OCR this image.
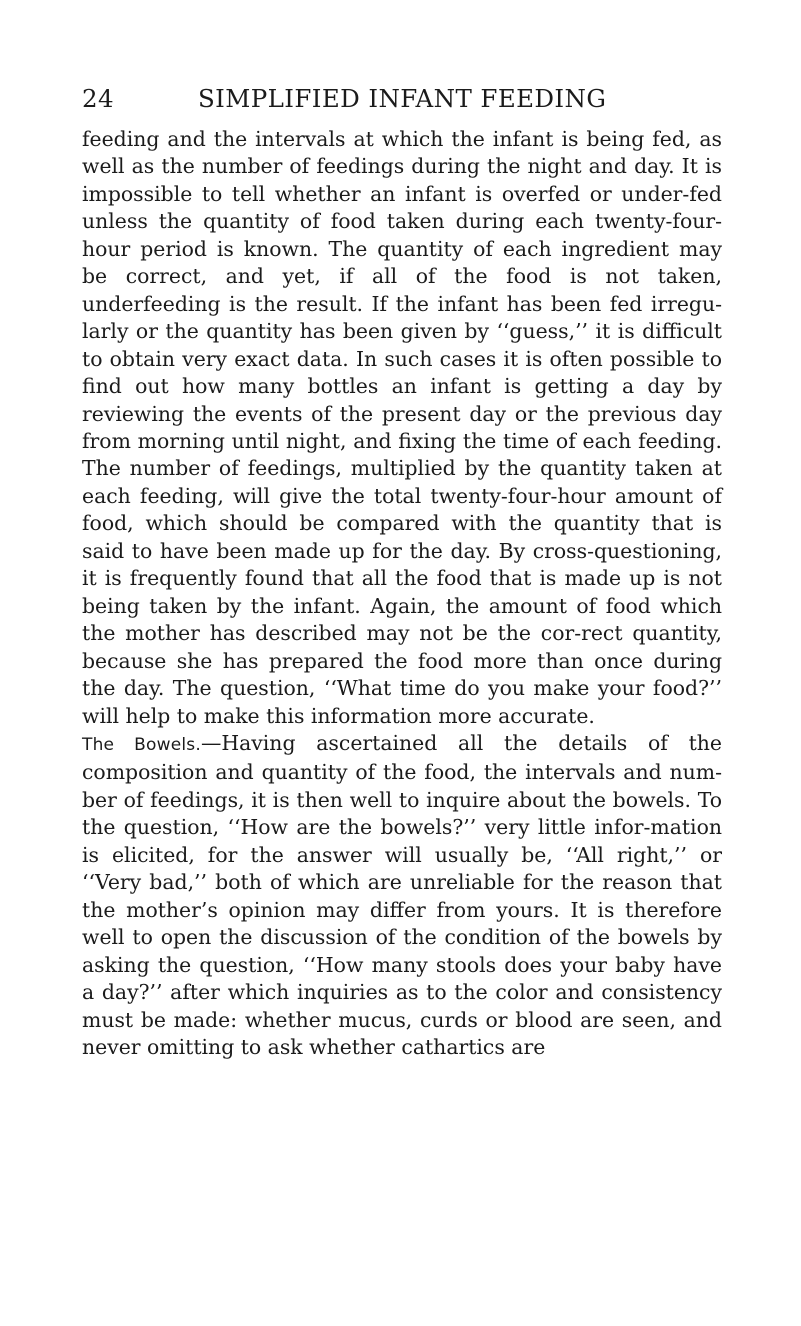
24	SIMPLIFIED INFANT FEEDING

feeding and the intervals at which the infant is being fed, as well as the number of feedings during the night and day. It is impossible to tell whether an infant is overfed or under-fed unless the quantity of food taken during each twenty-four-hour period is known. The quantity of each ingredient may be correct, and yet, if all of the food is not taken, underfeeding is the result. If the infant has been fed irregu-larly or the quantity has been given by ‘‘guess,’’ it is difficult to obtain very exact data. In such cases it is often possible to find out how many bottles an infant is getting a day by reviewing the events of the present day or the previous day from morning until night, and fixing the time of each feeding. The number of feedings, multiplied by the quantity taken at each feeding, will give the total twenty-four-hour amount of food, which should be compared with the quantity that is said to have been made up for the day. By cross-questioning, it is frequently found that all the food that is made up is not being taken by the infant. Again, the amount of food which the mother has described may not be the cor-rect quantity, because she has prepared the food more than once during the day. The question, ‘‘What time do you make your food?’’ will help to make this information more accurate.

The Bowels.—Having ascertained all the details of the composition and quantity of the food, the intervals and num-ber of feedings, it is then well to inquire about the bowels. To the question, ‘‘How are the bowels?’’ very little infor-mation is elicited, for the answer will usually be, ‘‘All right,’’ or ‘‘Very bad,’’ both of which are unreliable for the reason that the mother’s opinion may differ from yours. It is therefore well to open the discussion of the condition of the bowels by asking the question, ‘‘How many stools does your baby have a day?’’ after which inquiries as to the color and consistency must be made: whether mucus, curds or blood are seen, and never omitting to ask whether cathartics are
